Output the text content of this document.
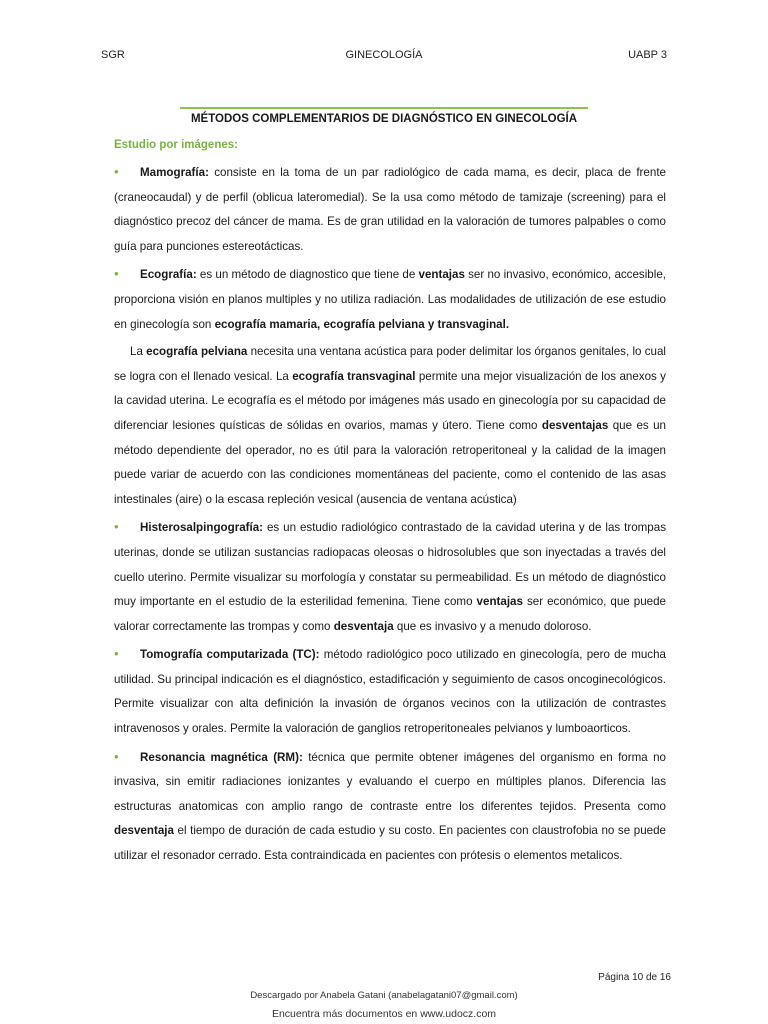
SGR	GINECOLOGÍA	UABP 3
MÉTODOS COMPLEMENTARIOS DE DIAGNÓSTICO EN GINECOLOGÍA
Estudio por imágenes:

• Mamografía: consiste en la toma de un par radiológico de cada mama, es decir, placa de frente (craneocaudal) y de perfil (oblicua lateromedial). Se la usa como método de tamizaje (screening) para el diagnóstico precoz del cáncer de mama. Es de gran utilidad en la valoración de tumores palpables o como guía para punciones estereotácticas.

• Ecografía: es un método de diagnostico que tiene de ventajas ser no invasivo, económico, accesible, proporciona visión en planos multiples y no utiliza radiación. Las modalidades de utilización de ese estudio en ginecología son ecografía mamaria, ecografía pelviana y transvaginal.

La ecografía pelviana necesita una ventana acústica para poder delimitar los órganos genitales, lo cual se logra con el llenado vesical. La ecografía transvaginal permite una mejor visualización de los anexos y la cavidad uterina. Le ecografía es el método por imágenes más usado en ginecología por su capacidad de diferenciar lesiones quísticas de sólidas en ovarios, mamas y útero. Tiene como desventajas que es un método dependiente del operador, no es útil para la valoración retroperitoneal y la calidad de la imagen puede variar de acuerdo con las condiciones momentáneas del paciente, como el contenido de las asas intestinales (aire) o la escasa repleción vesical (ausencia de ventana acústica)

• Histerosalpingografía: es un estudio radiológico contrastado de la cavidad uterina y de las trompas uterinas, donde se utilizan sustancias radiopacas oleosas o hidrosolubles que son inyectadas a través del cuello uterino. Permite visualizar su morfología y constatar su permeabilidad. Es un método de diagnóstico muy importante en el estudio de la esterilidad femenina. Tiene como ventajas ser económico, que puede valorar correctamente las trompas y como desventaja que es invasivo y a menudo doloroso.

• Tomografía computarizada (TC): método radiológico poco utilizado en ginecología, pero de mucha utilidad. Su principal indicación es el diagnóstico, estadificación y seguimiento de casos oncoginecológicos. Permite visualizar con alta definición la invasión de órganos vecinos con la utilización de contrastes intravenosos y orales. Permite la valoración de ganglios retroperitoneales pelvianos y lumboaorticos.

• Resonancia magnética (RM): técnica que permite obtener imágenes del organismo en forma no invasiva, sin emitir radiaciones ionizantes y evaluando el cuerpo en múltiples planos. Diferencia las estructuras anatomicas con amplio rango de contraste entre los diferentes tejidos. Presenta como desventaja el tiempo de duración de cada estudio y su costo. En pacientes con claustrofobia no se puede utilizar el resonador cerrado. Esta contraindicada en pacientes con prótesis o elementos metalicos.

Página 10 de 16
Descargado por Anabela Gatani (anabelagatani07@gmail.com)
Encuentra más documentos en www.udocz.com
